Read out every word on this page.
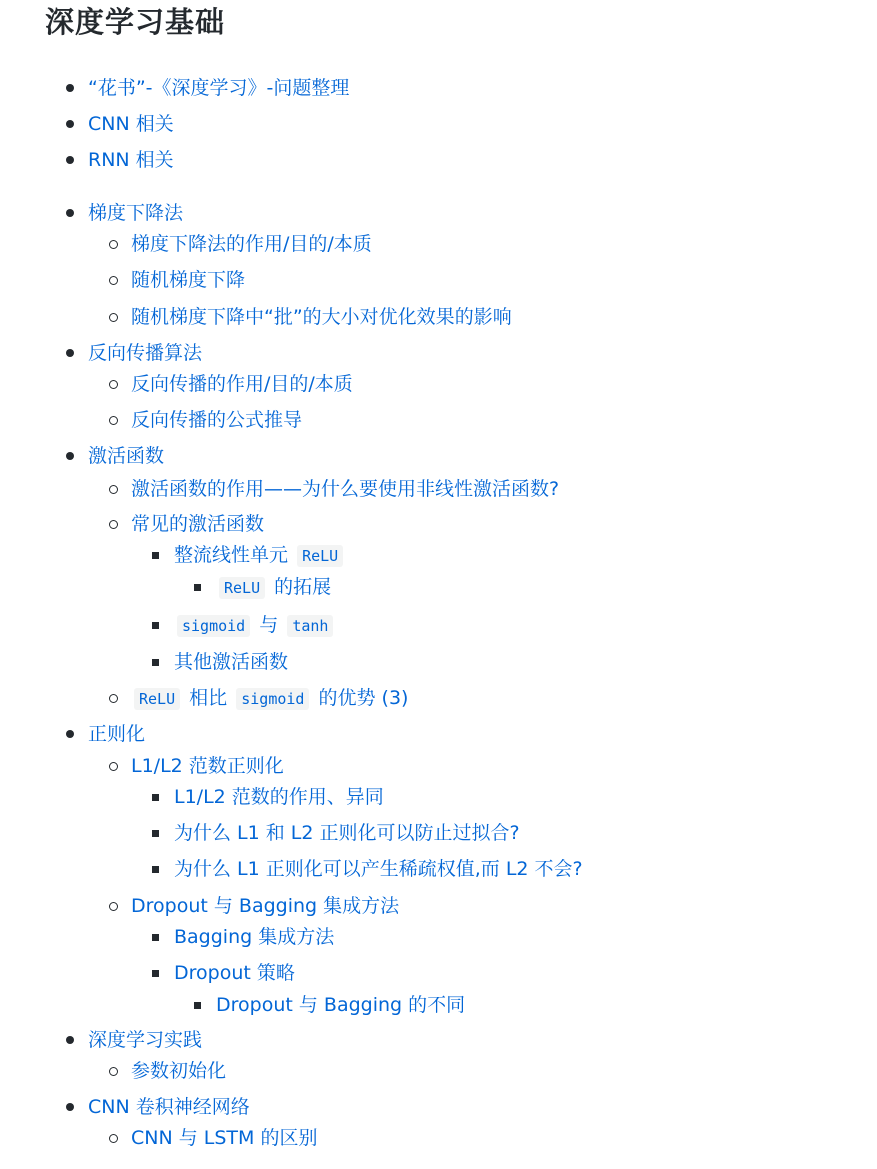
深度学习基础
“花书”-《深度学习》-问题整理
CNN 相关
RNN 相关
梯度下降法
梯度下降法的作用/目的/本质
随机梯度下降
随机梯度下降中“批”的大小对优化效果的影响
反向传播算法
反向传播的作用/目的/本质
反向传播的公式推导
激活函数
激活函数的作用——为什么要使用非线性激活函数?
常见的激活函数
整流线性单元 ReLU
ReLU 的拓展
sigmoid 与 tanh
其他激活函数
ReLU 相比 sigmoid 的优势 (3)
正则化
L1/L2 范数正则化
L1/L2 范数的作用、异同
为什么 L1 和 L2 正则化可以防止过拟合?
为什么 L1 正则化可以产生稀疏权值,而 L2 不会?
Dropout 与 Bagging 集成方法
Bagging 集成方法
Dropout 策略
Dropout 与 Bagging 的不同
深度学习实践
参数初始化
CNN 卷积神经网络
CNN 与 LSTM 的区别
